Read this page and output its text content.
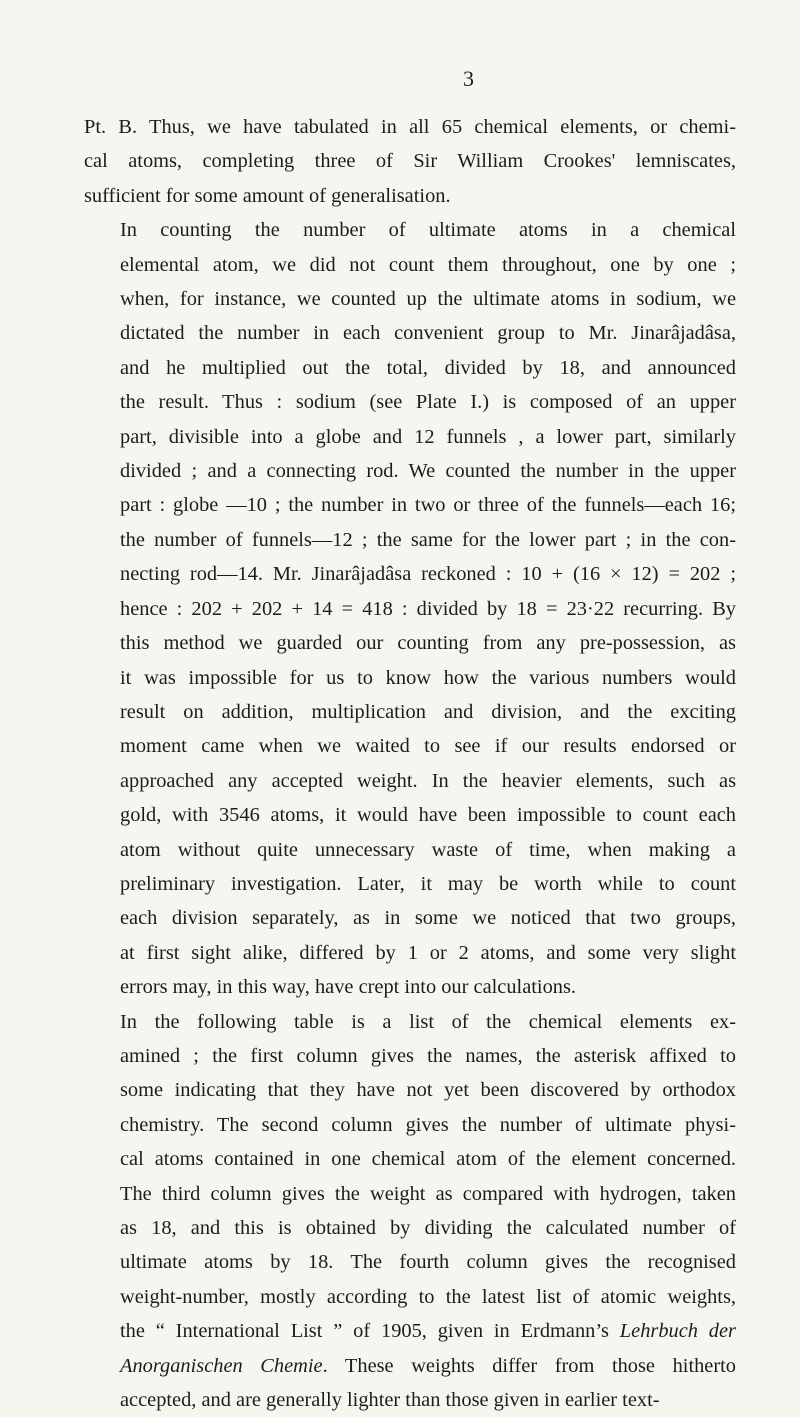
3

Pt. B. Thus, we have tabulated in all 65 chemical elements, or chemi-
cal atoms, completing three of Sir William Crookes' lemniscates,
sufficient for some amount of generalisation.

In counting the number of ultimate atoms in a chemical
elemental atom, we did not count them throughout, one by one ;
when, for instance, we counted up the ultimate atoms in sodium, we
dictated the number in each convenient group to Mr. Jinarâjadâsa,
and he multiplied out the total, divided by 18, and announced
the result. Thus : sodium (see Plate I.) is composed of an upper
part, divisible into a globe and 12 funnels , a lower part, similarly
divided ; and a connecting rod. We counted the number in the upper
part : globe —10 ; the number in two or three of the funnels—each 16;
the number of funnels—12 ; the same for the lower part ; in the con-
necting rod—14. Mr. Jinarâjadâsa reckoned : 10 + (16 × 12) = 202 ;
hence : 202 + 202 + 14 = 418 : divided by 18 = 23·22 recurring. By
this method we guarded our counting from any pre-possession, as
it was impossible for us to know how the various numbers would
result on addition, multiplication and division, and the exciting
moment came when we waited to see if our results endorsed or
approached any accepted weight. In the heavier elements, such as
gold, with 3546 atoms, it would have been impossible to count each
atom without quite unnecessary waste of time, when making a
preliminary investigation. Later, it may be worth while to count
each division separately, as in some we noticed that two groups,
at first sight alike, differed by 1 or 2 atoms, and some very slight
errors may, in this way, have crept into our calculations.

In the following table is a list of the chemical elements ex-
amined ; the first column gives the names, the asterisk affixed to
some indicating that they have not yet been discovered by orthodox
chemistry. The second column gives the number of ultimate physi-
cal atoms contained in one chemical atom of the element concerned.
The third column gives the weight as compared with hydrogen, taken
as 18, and this is obtained by dividing the calculated number of
ultimate atoms by 18. The fourth column gives the recognised
weight-number, mostly according to the latest list of atomic weights,
the “ International List ” of 1905, given in Erdmann’s Lehrbuch der
Anorganischen Chemie. These weights differ from those hitherto
accepted, and are generally lighter than those given in earlier text-
